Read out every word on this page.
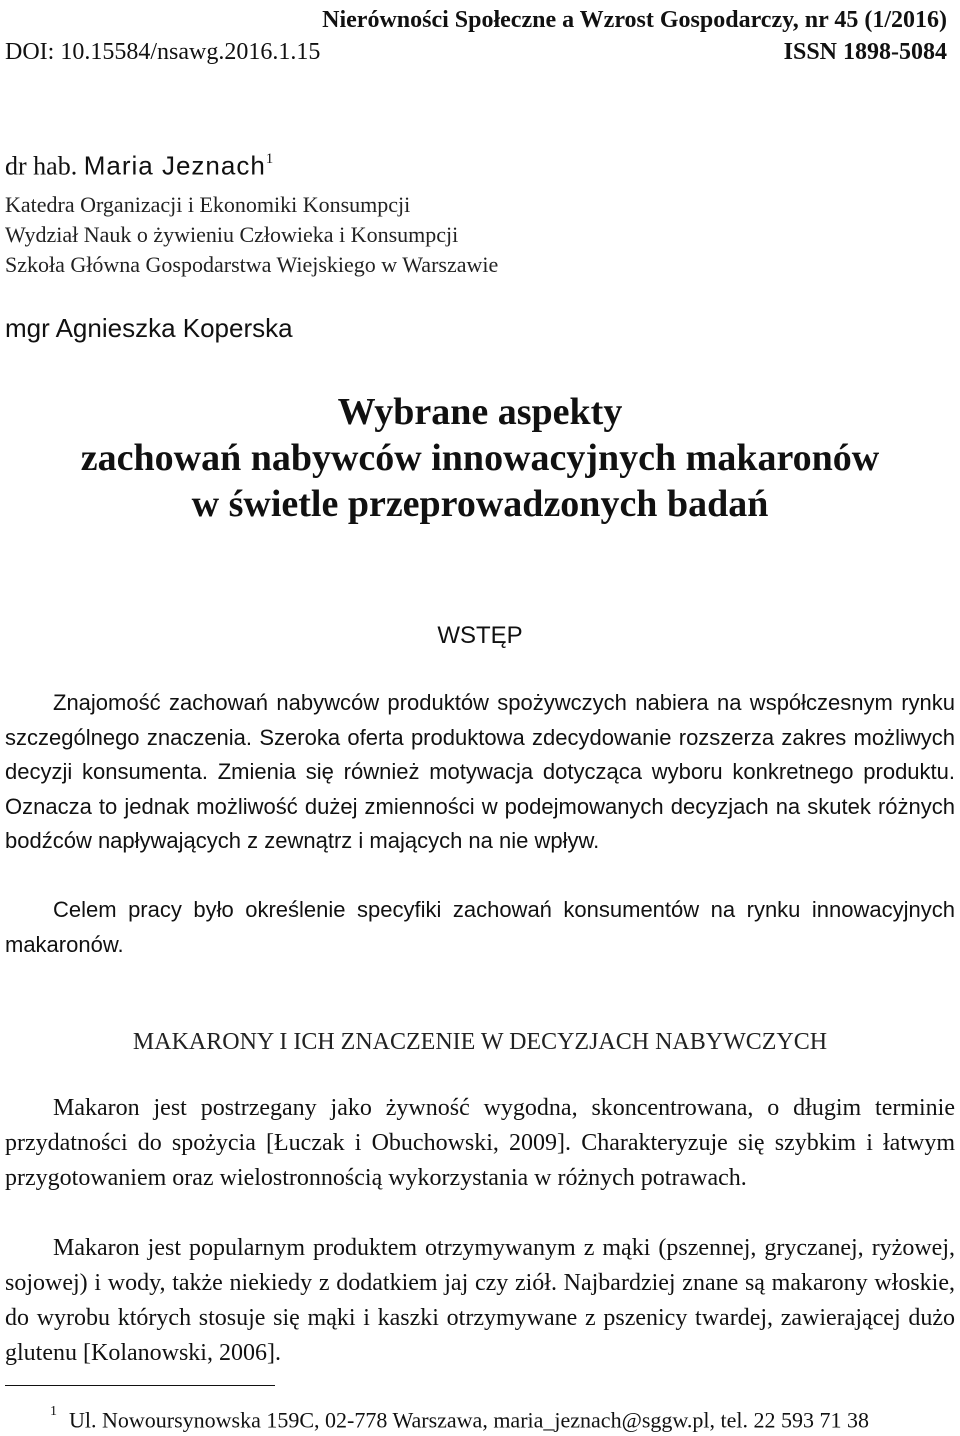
Nierówności Społeczne a Wzrost Gospodarczy, nr 45 (1/2016)
DOI: 10.15584/nsawg.2016.1.15	ISSN 1898-5084
dr hab. Maria Jeznach$^1$
Katedra Organizacji i Ekonomiki Konsumpcji
Wydział Nauk o żywieniu Człowieka i Konsumpcji
Szkoła Główna Gospodarstwa Wiejskiego w Warszawie
mgr Agnieszka Koperska
Wybrane aspekty
zachowań nabywców innowacyjnych makaronów
w świetle przeprowadzonych badań
WSTĘP
Znajomość zachowań nabywców produktów spożywczych nabiera na współczesnym rynku szczególnego znaczenia. Szeroka oferta produktowa zdecydowanie rozszerza zakres możliwych decyzji konsumenta. Zmienia się również motywacja dotycząca wyboru konkretnego produktu. Oznacza to jednak możliwość dużej zmienności w podejmowanych decyzjach na skutek różnych bodźców napływających z zewnątrz i mających na nie wpływ.
Celem pracy było określenie specyfiki zachowań konsumentów na rynku innowacyjnych makaronów.
MAKARONY I ICH ZNACZENIE W DECYZJACH NABYWCZYCH
Makaron jest postrzegany jako żywność wygodna, skoncentrowana, o długim terminie przydatności do spożycia [Łuczak i Obuchowski, 2009]. Charakteryzuje się szybkim i łatwym przygotowaniem oraz wielostronnością wykorzystania w różnych potrawach.
Makaron jest popularnym produktem otrzymywanym z mąki (pszennej, gryczanej, ryżowej, sojowej) i wody, także niekiedy z dodatkiem jaj czy ziół. Najbardziej znane są makarony włoskie, do wyrobu których stosuje się mąki i kaszki otrzymywane z pszenicy twardej, zawierającej dużo glutenu [Kolanowski, 2006].
$^1$ Ul. Nowoursynowska 159C, 02-778 Warszawa, maria_jeznach@sggw.pl, tel. 22 593 71 38
